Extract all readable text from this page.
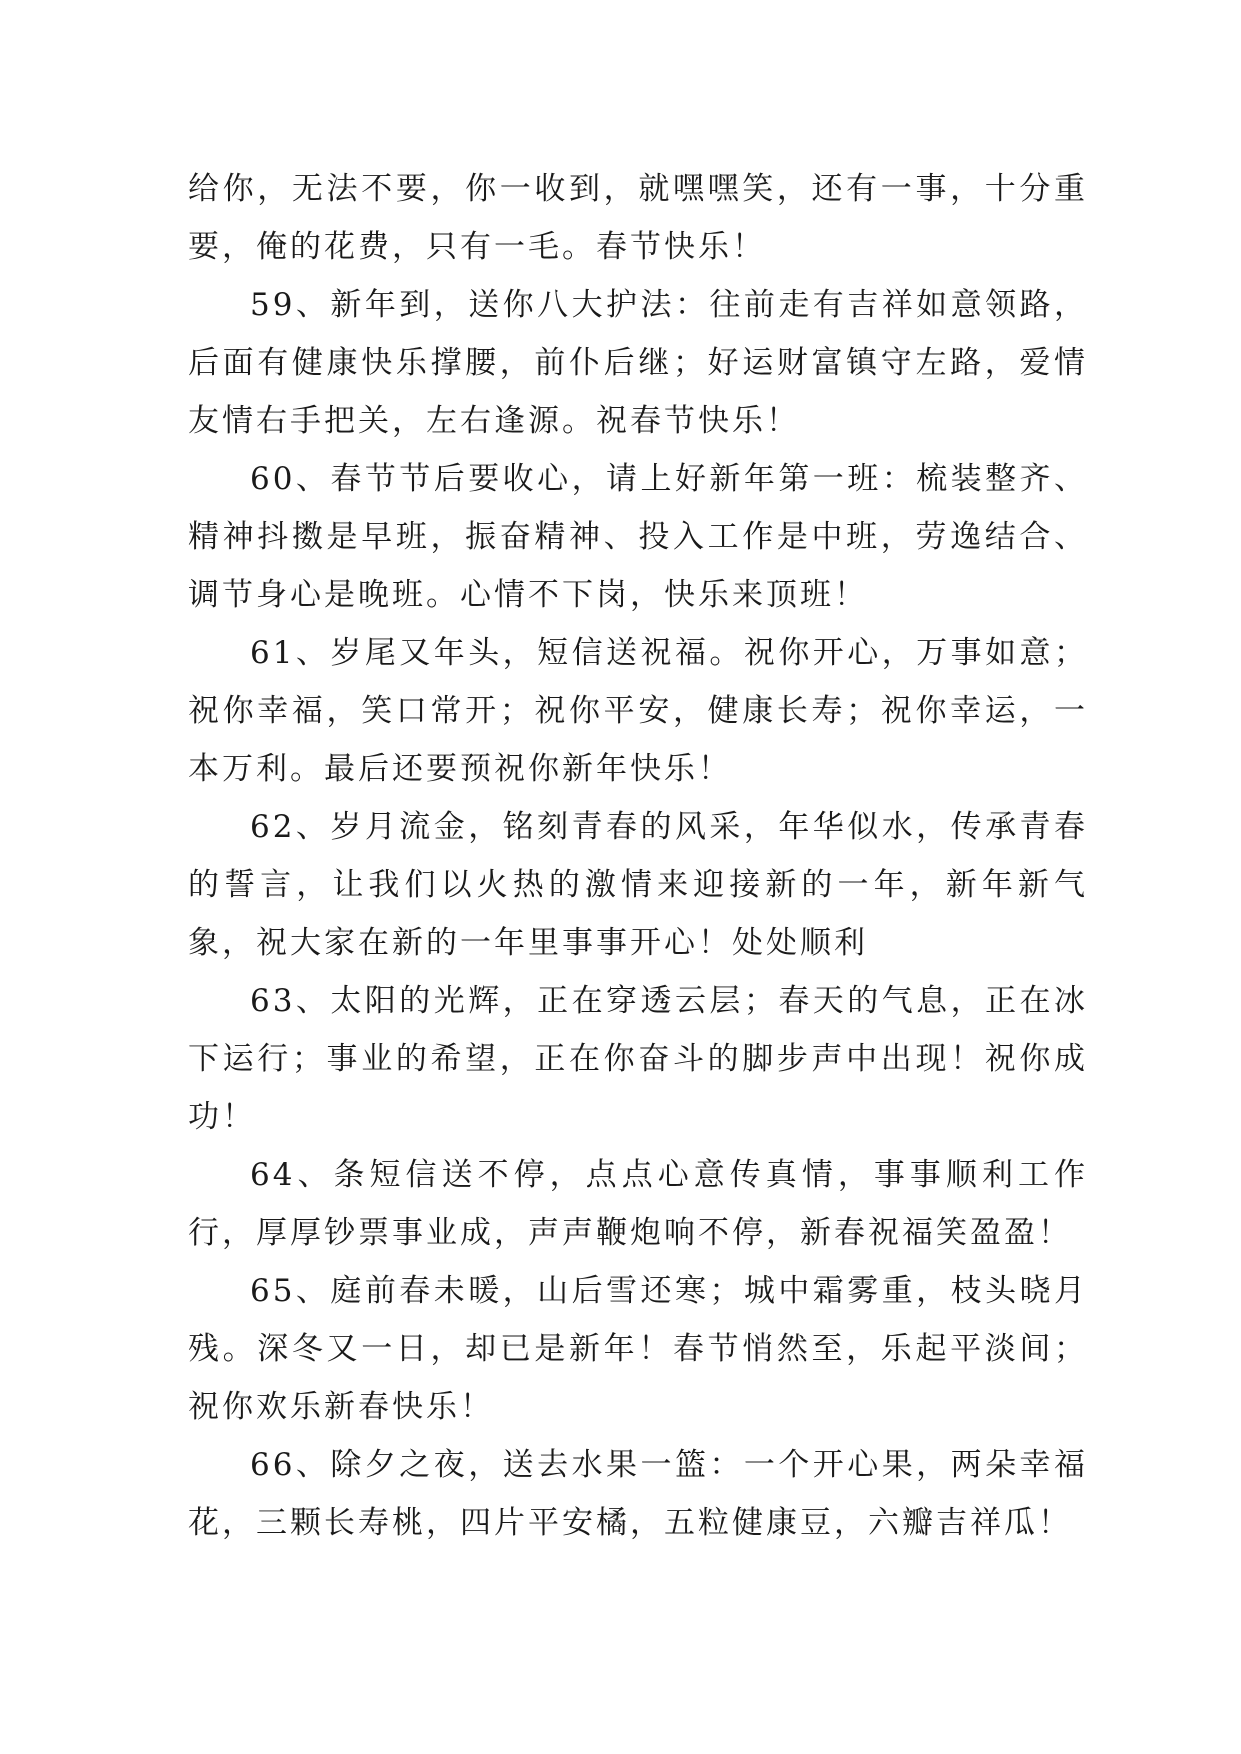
给你，无法不要，你一收到，就嘿嘿笑，还有一事，十分重要，俺的花费，只有一毛。春节快乐！

59、新年到，送你八大护法：往前走有吉祥如意领路，后面有健康快乐撑腰，前仆后继；好运财富镇守左路，爱情友情右手把关，左右逢源。祝春节快乐！

60、春节节后要收心，请上好新年第一班：梳装整齐、精神抖擞是早班，振奋精神、投入工作是中班，劳逸结合、调节身心是晚班。心情不下岗，快乐来顶班！

61、岁尾又年头，短信送祝福。祝你开心，万事如意；祝你幸福，笑口常开；祝你平安，健康长寿；祝你幸运，一本万利。最后还要预祝你新年快乐！

62、岁月流金，铭刻青春的风采，年华似水，传承青春的誓言，让我们以火热的激情来迎接新的一年，新年新气象，祝大家在新的一年里事事开心！处处顺利

63、太阳的光辉，正在穿透云层；春天的气息，正在冰下运行；事业的希望，正在你奋斗的脚步声中出现！祝你成功！

64、条短信送不停，点点心意传真情，事事顺利工作行，厚厚钞票事业成，声声鞭炮响不停，新春祝福笑盈盈！

65、庭前春未暖，山后雪还寒；城中霜雾重，枝头晓月残。深冬又一日，却已是新年！春节悄然至，乐起平淡间；祝你欢乐新春快乐！

66、除夕之夜，送去水果一篮：一个开心果，两朵幸福花，三颗长寿桃，四片平安橘，五粒健康豆，六瓣吉祥瓜！
